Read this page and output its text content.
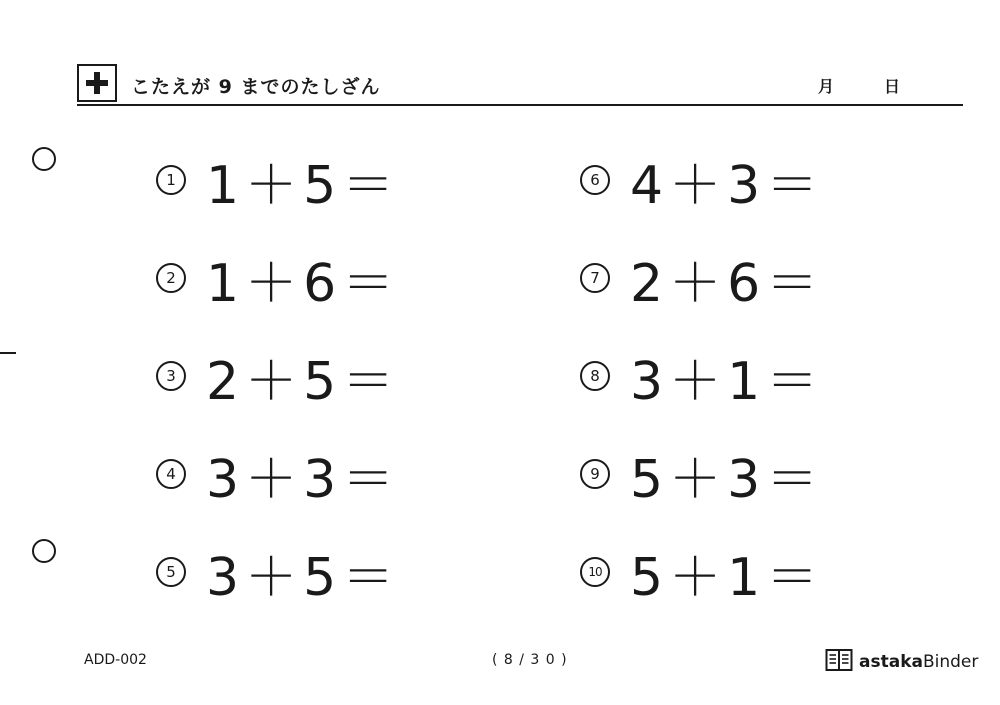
こたえが 9 までのたしざん	月	日
1 1＋5＝
2 1＋6＝
3 2＋5＝
4 3＋3＝
5 3＋5＝
6 4＋3＝
7 2＋6＝
8 3＋1＝
9 5＋3＝
10 5＋1＝
ADD-002	( 8 / 3 0 )	astakaBinder
